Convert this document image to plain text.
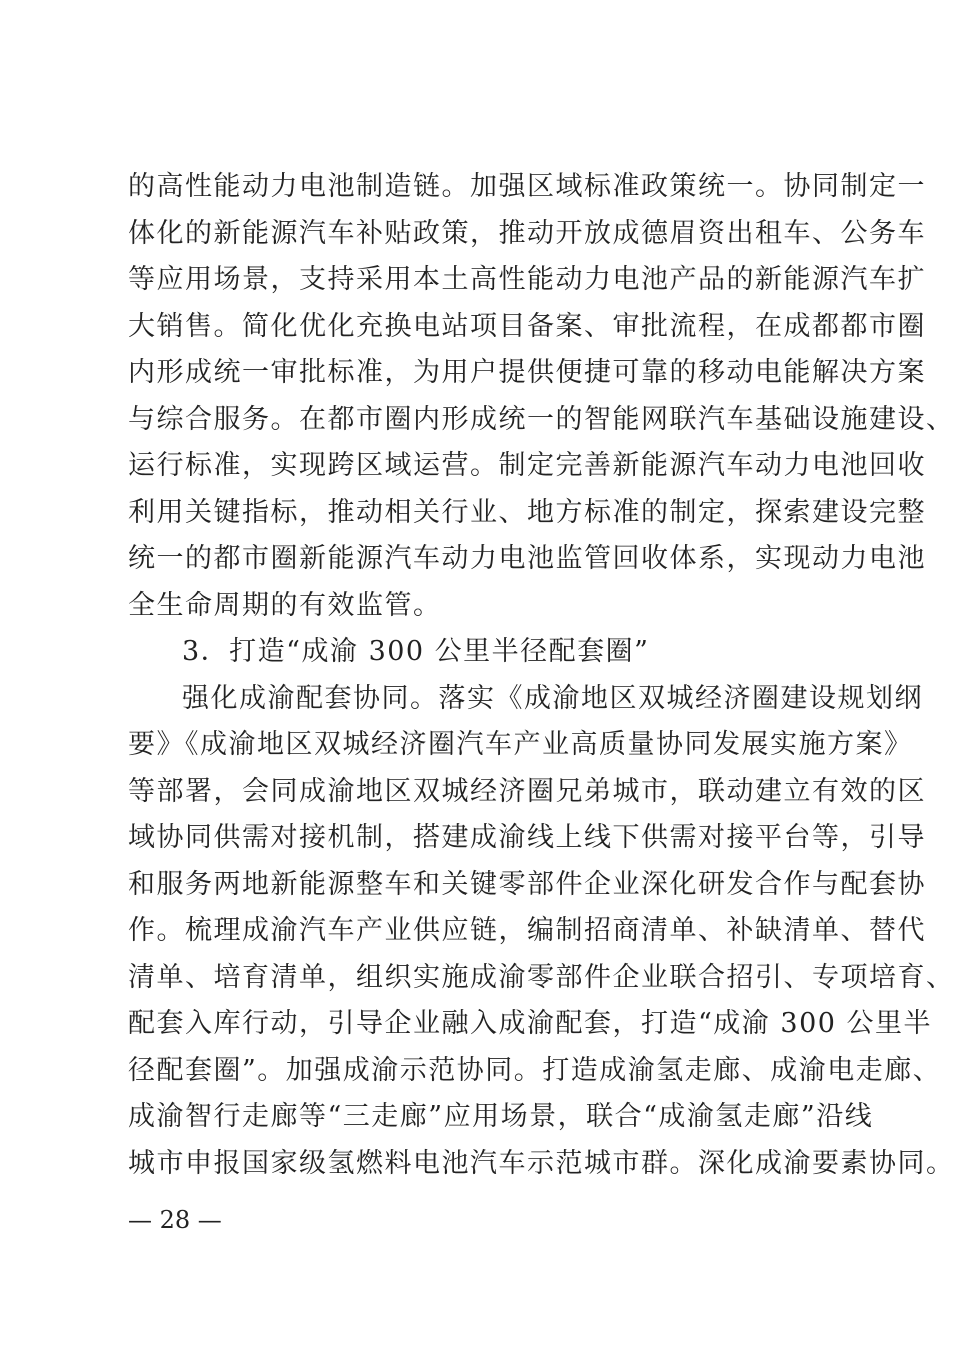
的高性能动力电池制造链。加强区域标准政策统一。协同制定一
体化的新能源汽车补贴政策，推动开放成德眉资出租车、公务车
等应用场景，支持采用本土高性能动力电池产品的新能源汽车扩
大销售。简化优化充换电站项目备案、审批流程，在成都都市圈
内形成统一审批标准，为用户提供便捷可靠的移动电能解决方案
与综合服务。在都市圈内形成统一的智能网联汽车基础设施建设、
运行标准，实现跨区域运营。制定完善新能源汽车动力电池回收
利用关键指标，推动相关行业、地方标准的制定，探索建设完整
统一的都市圈新能源汽车动力电池监管回收体系，实现动力电池
全生命周期的有效监管。
3．打造“成渝 300 公里半径配套圈”
强化成渝配套协同。落实《成渝地区双城经济圈建设规划纲
要》《成渝地区双城经济圈汽车产业高质量协同发展实施方案》
等部署，会同成渝地区双城经济圈兄弟城市，联动建立有效的区
域协同供需对接机制，搭建成渝线上线下供需对接平台等，引导
和服务两地新能源整车和关键零部件企业深化研发合作与配套协
作。梳理成渝汽车产业供应链，编制招商清单、补缺清单、替代
清单、培育清单，组织实施成渝零部件企业联合招引、专项培育、
配套入库行动，引导企业融入成渝配套，打造“成渝 300 公里半
径配套圈”。加强成渝示范协同。打造成渝氢走廊、成渝电走廊、
成渝智行走廊等“三走廊”应用场景，联合“成渝氢走廊”沿线
城市申报国家级氢燃料电池汽车示范城市群。深化成渝要素协同。
— 28 —
